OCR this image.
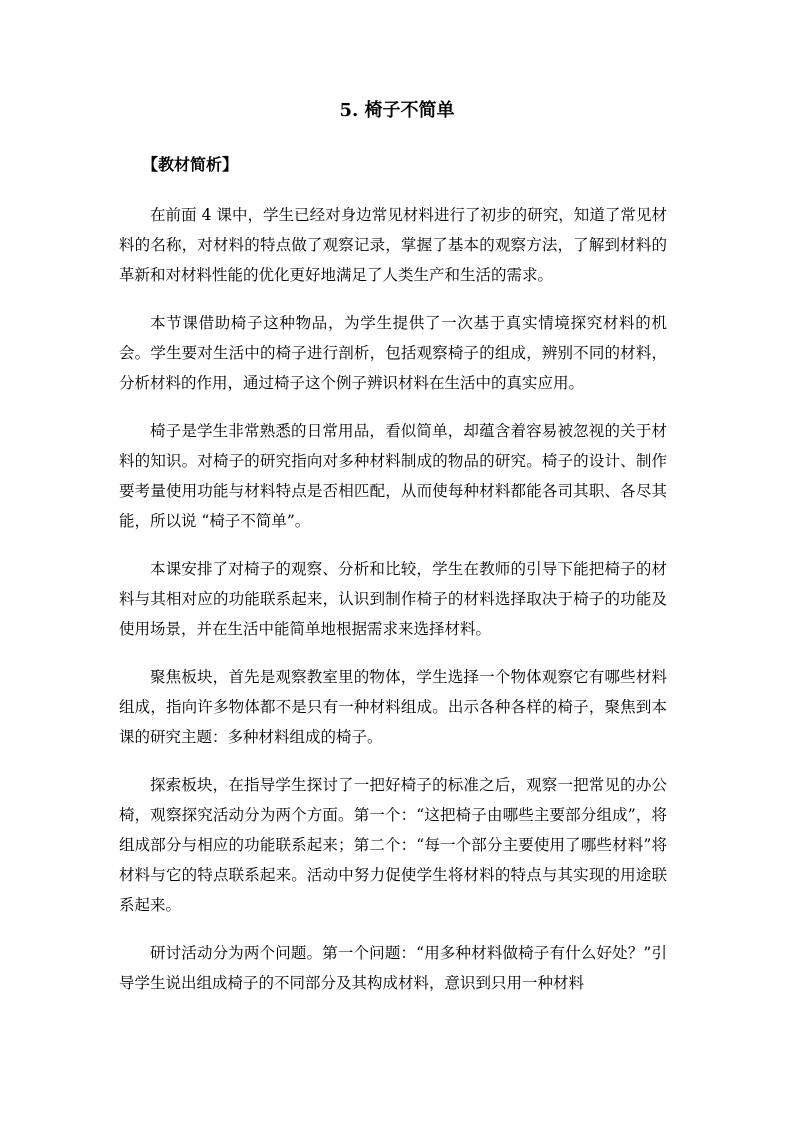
5. 椅子不简单
【教材简析】

在前面 4 课中，学生已经对身边常见材料进行了初步的研究，知道了常见材料的名称，对材料的特点做了观察记录，掌握了基本的观察方法，了解到材料的革新和对材料性能的优化更好地满足了人类生产和生活的需求。

本节课借助椅子这种物品，为学生提供了一次基于真实情境探究材料的机会。学生要对生活中的椅子进行剖析，包括观察椅子的组成，辨别不同的材料，分析材料的作用，通过椅子这个例子辨识材料在生活中的真实应用。

椅子是学生非常熟悉的日常用品，看似简单，却蕴含着容易被忽视的关于材料的知识。对椅子的研究指向对多种材料制成的物品的研究。椅子的设计、制作要考量使用功能与材料特点是否相匹配，从而使每种材料都能各司其职、各尽其能，所以说 “椅子不简单”。

本课安排了对椅子的观察、分析和比较，学生在教师的引导下能把椅子的材料与其相对应的功能联系起来，认识到制作椅子的材料选择取决于椅子的功能及使用场景，并在生活中能简单地根据需求来选择材料。

聚焦板块，首先是观察教室里的物体，学生选择一个物体观察它有哪些材料组成，指向许多物体都不是只有一种材料组成。出示各种各样的椅子，聚焦到本课的研究主题：多种材料组成的椅子。

探索板块，在指导学生探讨了一把好椅子的标准之后，观察一把常见的办公椅，观察探究活动分为两个方面。第一个：“这把椅子由哪些主要部分组成”，将组成部分与相应的功能联系起来；第二个：“每一个部分主要使用了哪些材料”将材料与它的特点联系起来。活动中努力促使学生将材料的特点与其实现的用途联系起来。

研讨活动分为两个问题。第一个问题：“用多种材料做椅子有什么好处？”引导学生说出组成椅子的不同部分及其构成材料，意识到只用一种材料
